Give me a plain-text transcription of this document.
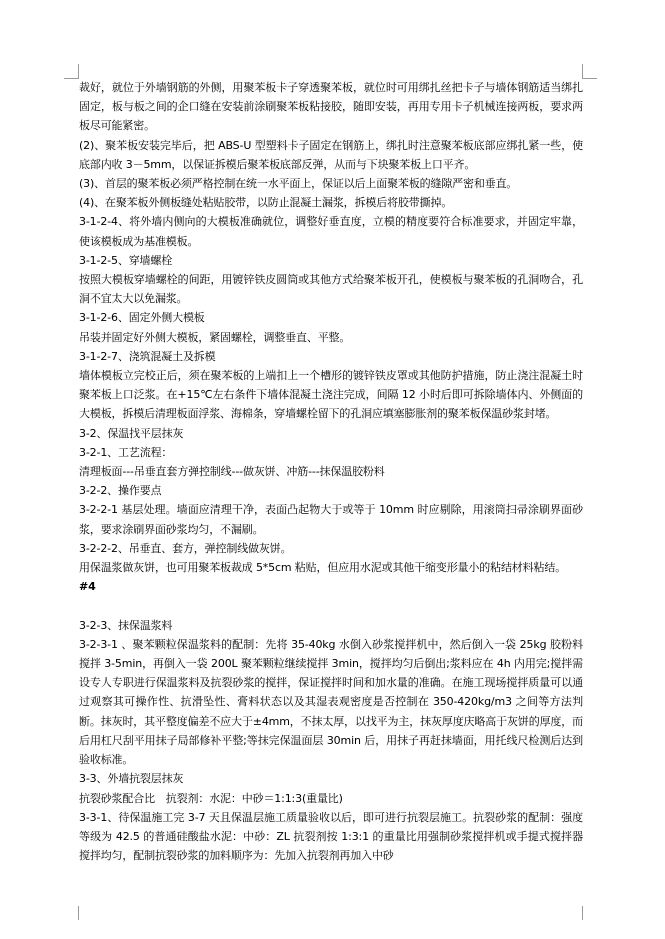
裁好，就位于外墙钢筋的外侧，用聚苯板卡子穿透聚苯板，就位时可用绑扎丝把卡子与墙体钢筋适当绑扎固定，板与板之间的企口缝在安装前涂刷聚苯板粘接胶，随即安装，再用专用卡子机械连接两板，要求两板尽可能紧密。

(2)、聚苯板安装完毕后，把 ABS-U 型塑料卡子固定在钢筋上，绑扎时注意聚苯板底部应绑扎紧一些，使底部内收 3－5mm，以保证拆模后聚苯板底部反弹，从而与下块聚苯板上口平齐。

(3)、首层的聚苯板必须严格控制在统一水平面上，保证以后上面聚苯板的缝隙严密和垂直。

(4)、在聚苯板外侧板缝处粘贴胶带，以防止混凝土漏浆，拆模后将胶带撕掉。

3-1-2-4、将外墙内侧向的大模板准确就位，调整好垂直度，立模的精度要符合标准要求，并固定牢靠，使该模板成为基准模板。

3-1-2-5、穿墙螺栓

按照大模板穿墙螺栓的间距，用镀锌铁皮圆筒或其他方式给聚苯板开孔，使模板与聚苯板的孔洞吻合，孔洞不宜太大以免漏浆。

3-1-2-6、固定外侧大模板

吊装并固定好外侧大模板，紧固螺栓，调整垂直、平整。

3-1-2-7、浇筑混凝土及拆模

墙体模板立完校正后，须在聚苯板的上端扣上一个槽形的镀锌铁皮罩或其他防护措施，防止浇注混凝土时聚苯板上口泛浆。在+15℃左右条件下墙体混凝土浇注完成，间隔 12 小时后即可拆除墙体内、外侧面的大模板，拆模后清理板面浮浆、海棉条，穿墙螺栓留下的孔洞应填塞膨胀剂的聚苯板保温砂浆封堵。

3-2、保温找平层抹灰

3-2-1、工艺流程：

清理板面---吊垂直套方弹控制线---做灰饼、冲筋---抹保温胶粉料

3-2-2、操作要点

3-2-2-1 基层处理。墙面应清理干净，表面凸起物大于或等于 10mm 时应剔除，用滚筒扫帚涂刷界面砂浆，要求涂刷界面砂浆均匀，不漏刷。

3-2-2-2、吊垂直、套方，弹控制线做灰饼。

用保温浆做灰饼，也可用聚苯板裁成 5*5cm 粘贴，但应用水泥或其他干缩变形量小的粘结材料粘结。

#4

3-2-3、抹保温浆料

3-2-3-1 、聚苯颗粒保温浆料的配制：先将 35-40kg 水倒入砂浆搅拌机中，然后倒入一袋 25kg 胶粉料搅拌 3-5min，再倒入一袋 200L 聚苯颗粒继续搅拌 3min，搅拌均匀后倒出;浆料应在 4h 内用完;搅拌需设专人专职进行保温浆料及抗裂砂浆的搅拌，保证搅拌时间和加水量的准确。在施工现场搅拌质量可以通过观察其可操作性、抗滑坠性、膏料状态以及其湿表观密度是否控制在 350-420kg/m3 之间等方法判断。抹灰时，其平整度偏差不应大于±4mm，不抹太厚，以找平为主，抹灰厚度庆略高于灰饼的厚度，而后用杠尺刮平用抹子局部修补平整;等抹完保温面层 30min 后，用抹子再赶抹墙面，用托线尺检测后达到验收标准。

3-3、外墙抗裂层抹灰

抗裂砂浆配合比　抗裂剂：水泥：中砂＝1:1:3(重量比)

3-3-1、待保温施工完 3-7 天且保温层施工质量验收以后，即可进行抗裂层施工。抗裂砂浆的配制：强度等级为 42.5 的普通硅酸盐水泥：中砂：ZL 抗裂剂按 1:3:1 的重量比用强制砂浆搅拌机或手提式搅拌器搅拌均匀，配制抗裂砂浆的加料顺序为：先加入抗裂剂再加入中砂
